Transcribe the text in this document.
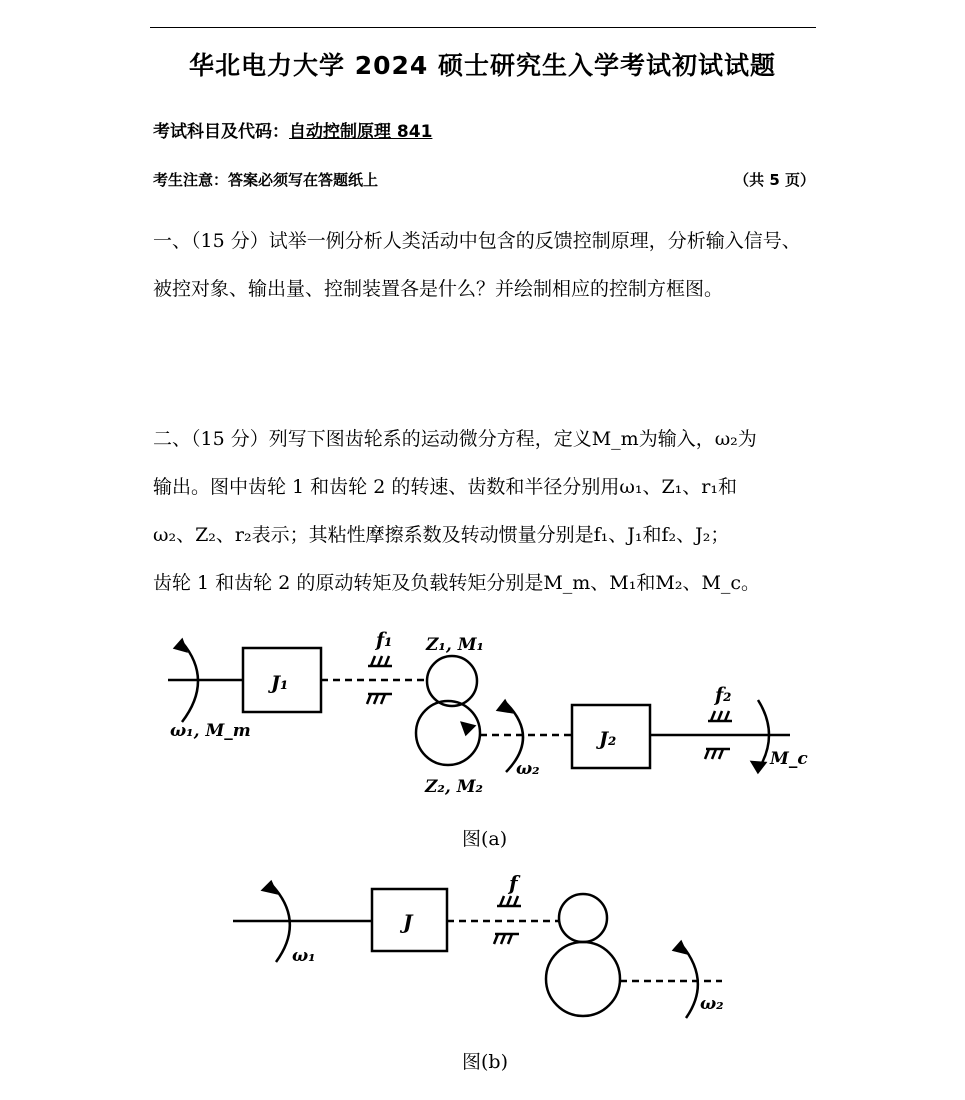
华北电力大学 2024 硕士研究生入学考试初试试题
考试科目及代码：自动控制原理 841
考生注意：答案必须写在答题纸上	（共 5 页）
一、（15 分）试举一例分析人类活动中包含的反馈控制原理，分析输入信号、被控对象、输出量、控制装置各是什么？并绘制相应的控制方框图。
二、（15 分）列写下图齿轮系的运动微分方程，定义M_m为输入，ω₂为
输出。图中齿轮 1 和齿轮 2 的转速、齿数和半径分别用ω₁、Z₁、r₁和
ω₂、Z₂、r₂表示；其粘性摩擦系数及转动惯量分别是f₁、J₁和f₂、J₂；
齿轮 1 和齿轮 2 的原动转矩及负载转矩分别是M_m、M₁和M₂、M_c。
ω₁, M_m
J₁
f₁ Z₁, M₁
Z₂, M₂
ω₂
J₂
f₂
M_c
ω₁
J
f
ω₂
图(a)
图(b)
